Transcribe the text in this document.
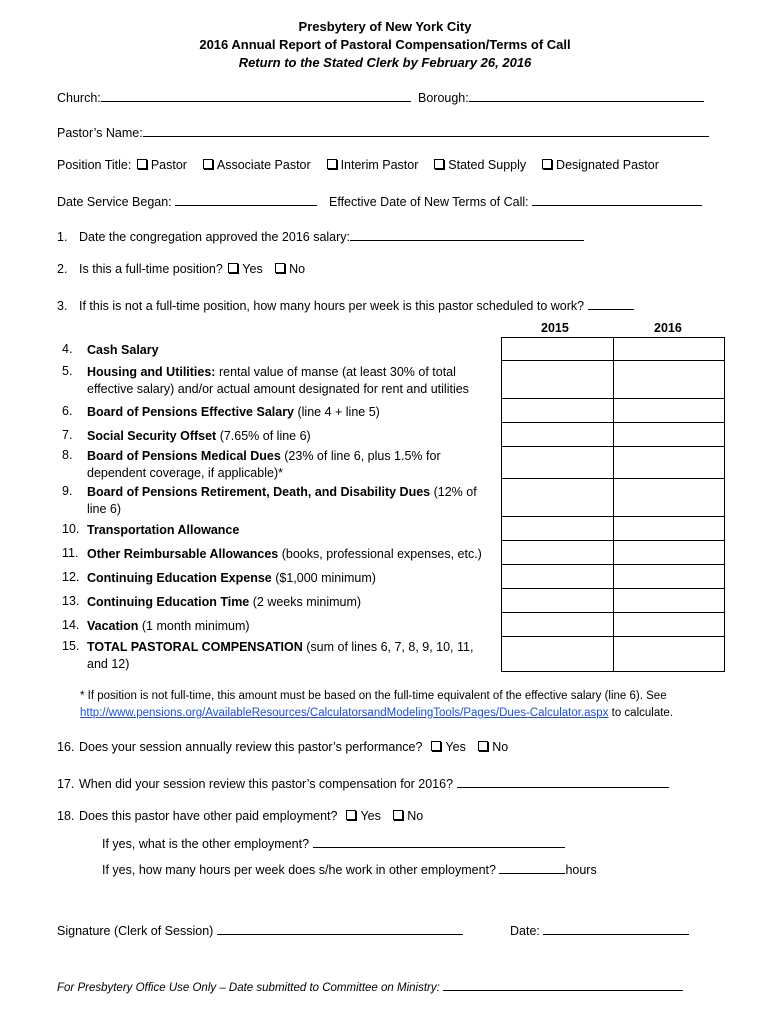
Presbytery of New York City
2016 Annual Report of Pastoral Compensation/Terms of Call
Return to the Stated Clerk by February 26, 2016
Church:	Borough:
Pastor’s Name:
Position Title: Pastor Associate Pastor Interim Pastor Stated Supply Designated Pastor
Date Service Began:	Effective Date of New Terms of Call:
1. Date the congregation approved the 2016 salary:
2. Is this a full-time position? Yes No
3. If this is not a full-time position, how many hours per week is this pastor scheduled to work?
2015	2016
4. Cash Salary
5. Housing and Utilities: rental value of manse (at least 30% of total effective salary) and/or actual amount designated for rent and utilities
6. Board of Pensions Effective Salary (line 4 + line 5)
7. Social Security Offset (7.65% of line 6)
8. Board of Pensions Medical Dues (23% of line 6, plus 1.5% for dependent coverage, if applicable)*
9. Board of Pensions Retirement, Death, and Disability Dues (12% of line 6)
10. Transportation Allowance
11. Other Reimbursable Allowances (books, professional expenses, etc.)
12. Continuing Education Expense ($1,000 minimum)
13. Continuing Education Time (2 weeks minimum)
14. Vacation (1 month minimum)
15. TOTAL PASTORAL COMPENSATION (sum of lines 6, 7, 8, 9, 10, 11, and 12)
* If position is not full-time, this amount must be based on the full-time equivalent of the effective salary (line 6). See
http://www.pensions.org/AvailableResources/CalculatorsandModelingTools/Pages/Dues-Calculator.aspx to calculate.
16. Does your session annually review this pastor’s performance? Yes No
17. When did your session review this pastor’s compensation for 2016?
18. Does this pastor have other paid employment? Yes No
If yes, what is the other employment?
If yes, how many hours per week does s/he work in other employment?	hours
Signature (Clerk of Session)	Date:
For Presbytery Office Use Only – Date submitted to Committee on Ministry:
